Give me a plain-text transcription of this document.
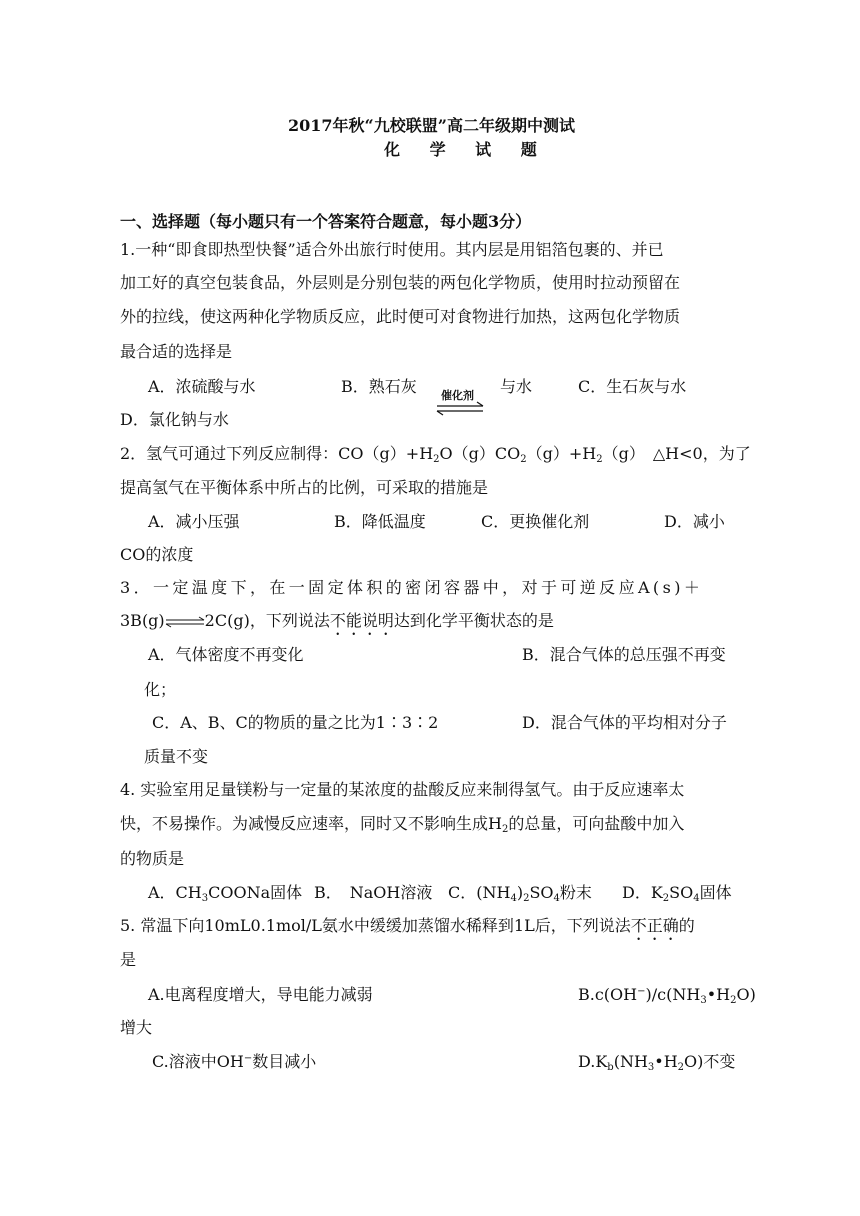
2017年秋“九校联盟”高二年级期中测试
化 学 试 题
一、选择题（每小题只有一个答案符合题意，每小题3分）
1.一种“即食即热型快餐”适合外出旅行时使用。其内层是用铝箔包裹的、并已
加工好的真空包装食品，外层则是分别包装的两包化学物质，使用时拉动预留在
外的拉线，使这两种化学物质反应，此时便可对食物进行加热，这两包化学物质
最合适的选择是
A．浓硫酸与水	B．熟石灰	与水	C．生石灰与水
D．氯化钠与水
催化剂
2．氢气可通过下列反应制得：$CO(g)+H_2O(g)CO_2(g)+H_2(g)$　△H<0，为了
提高氢气在平衡体系中所占的比例，可采取的措施是
A．减小压强	B．降低温度	C．更换催化剂	D．减小
CO的浓度
3．一定温度下，在一固定体积的密闭容器中，对于可逆反应A(s)＋
3B(g)⇌2C(g)，下列说法不能说明达到化学平衡状态的是
A．气体密度不再变化	B．混合气体的总压强不再变
化；
C．A、B、C的物质的量之比为1∶3∶2	D．混合气体的平均相对分子
质量不变
4. 实验室用足量镁粉与一定量的某浓度的盐酸反应来制得氢气。由于反应速率太
快，不易操作。为减慢反应速率，同时又不影响生成$H_2$的总量，可向盐酸中加入
的物质是
A．$CH_3COONa$固体 B．　NaOH溶液 C．$(NH_4)_2SO_4$粉末 D．$K_2SO_4$固体
5. 常温下向10mL0.1mol/L氨水中缓缓加蒸馏水稀释到1L后，下列说法不正确的
是
A.电离程度增大，导电能力减弱	$B.c(OH^-)/c(NH_3•H_2O)$
增大
C.溶液中OH−数目减小	$D.K_b(NH_3•H_2O)$不变
